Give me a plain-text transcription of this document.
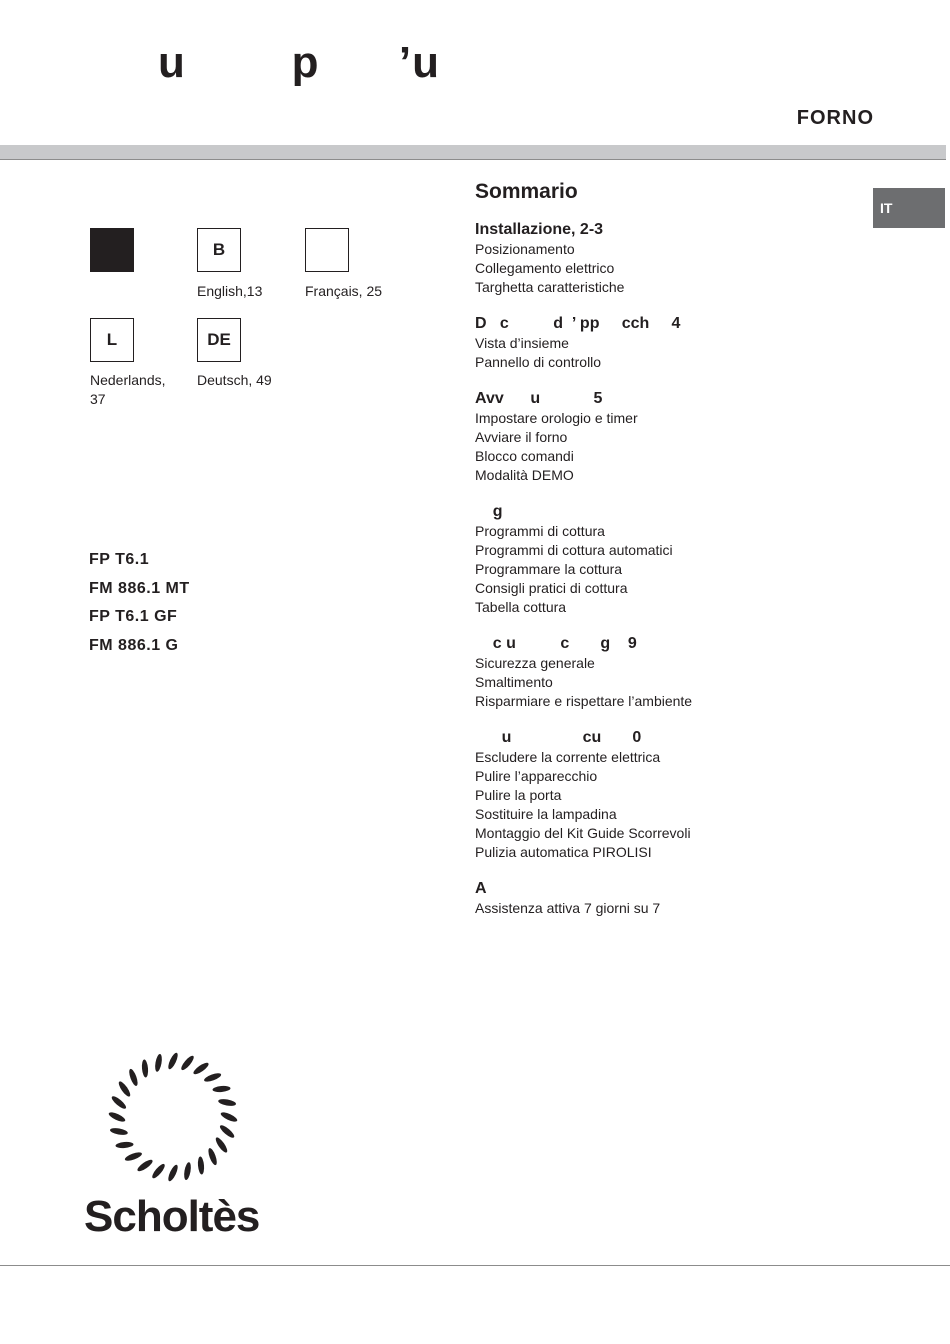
u        p      ’u
FORNO
B
English,13	Français, 25
L
Nederlands, 37
DE
Deutsch, 49
FP T6.1
FM 886.1 MT
FP T6.1 GF
FM 886.1 G
Sommario
IT
Installazione, 2-3
Posizionamento
Collegamento elettrico
Targhetta caratteristiche
D   c          d  ’ pp     cch     4
Vista d’insieme
Pannello di controllo
Avv      u            5
Impostare orologio e timer
Avviare il forno
Blocco comandi
Modalità DEMO
g
Programmi di cottura
Programmi di cottura automatici
Programmare la cottura
Consigli pratici di cottura
Tabella cottura
c u          c       g    9
Sicurezza generale
Smaltimento
Risparmiare e rispettare l’ambiente
u                cu       0
Escludere la corrente elettrica
Pulire l’apparecchio
Pulire la porta
Sostituire la lampadina
Montaggio del Kit Guide Scorrevoli
Pulizia automatica PIROLISI
A
Assistenza attiva 7 giorni su 7
Scholtès
